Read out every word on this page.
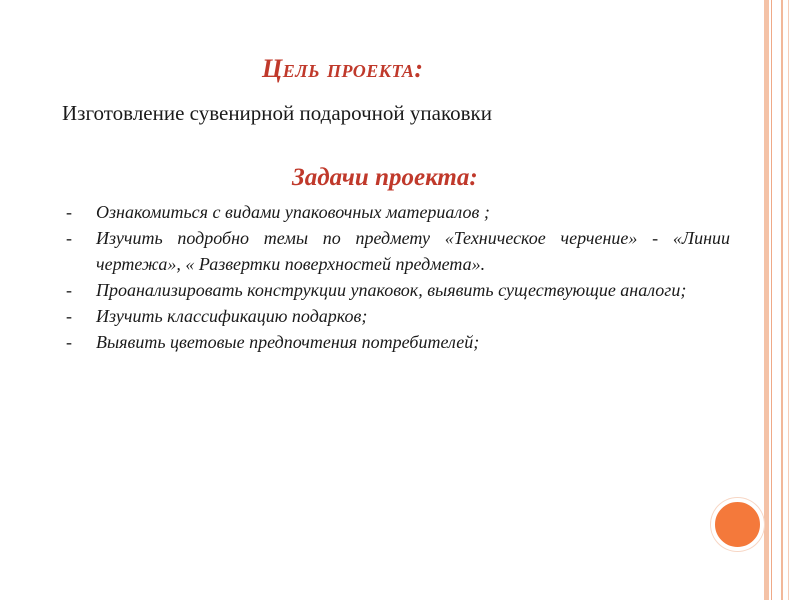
Цель проекта:

Изготовление сувенирной подарочной упаковки

Задачи проекта:
- Ознакомиться с видами упаковочных материалов ;
- Изучить подробно темы по предмету «Техническое черчение» - «Линии чертежа», « Развертки поверхностей предмета».
- Проанализировать конструкции упаковок, выявить существующие аналоги;
- Изучить классификацию подарков;
- Выявить цветовые предпочтения потребителей;
